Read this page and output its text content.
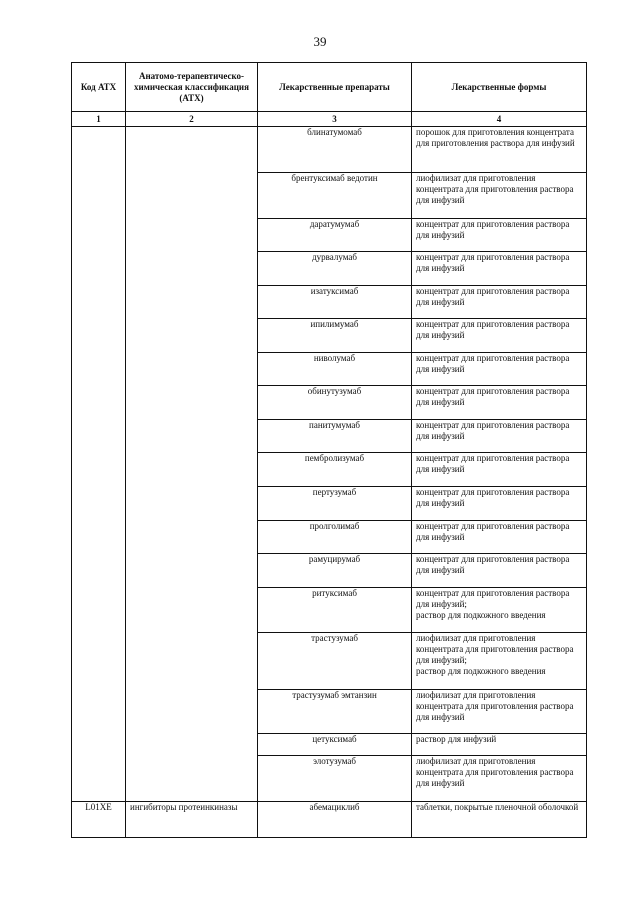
39
Код АТХ	Анатомо-терапевтическо-химическая классификация (АТХ)	Лекарственные препараты	Лекарственные формы
1	2	3	4
		блинатумомаб	порошок для приготовления концентрата для приготовления раствора для инфузий
		брентуксимаб ведотин	лиофилизат для приготовления концентрата для приготовления раствора для инфузий
		даратумумаб	концентрат для приготовления раствора для инфузий
		дурвалумаб	концентрат для приготовления раствора для инфузий
		изатуксимаб	концентрат для приготовления раствора для инфузий
		ипилимумаб	концентрат для приготовления раствора для инфузий
		ниволумаб	концентрат для приготовления раствора для инфузий
		обинутузумаб	концентрат для приготовления раствора для инфузий
		панитумумаб	концентрат для приготовления раствора для инфузий
		пембролизумаб	концентрат для приготовления раствора для инфузий
		пертузумаб	концентрат для приготовления раствора для инфузий
		пролголимаб	концентрат для приготовления раствора для инфузий
		рамуцирумаб	концентрат для приготовления раствора для инфузий
		ритуксимаб	концентрат для приготовления раствора для инфузий;
раствор для подкожного введения
		трастузумаб	лиофилизат для приготовления концентрата для приготовления раствора для инфузий;
раствор для подкожного введения
		трастузумаб эмтанзин	лиофилизат для приготовления концентрата для приготовления раствора для инфузий
		цетуксимаб	раствор для инфузий
		элотузумаб	лиофилизат для приготовления концентрата для приготовления раствора для инфузий
L01XE	ингибиторы протеинкиназы	абемациклиб	таблетки, покрытые пленочной оболочкой
